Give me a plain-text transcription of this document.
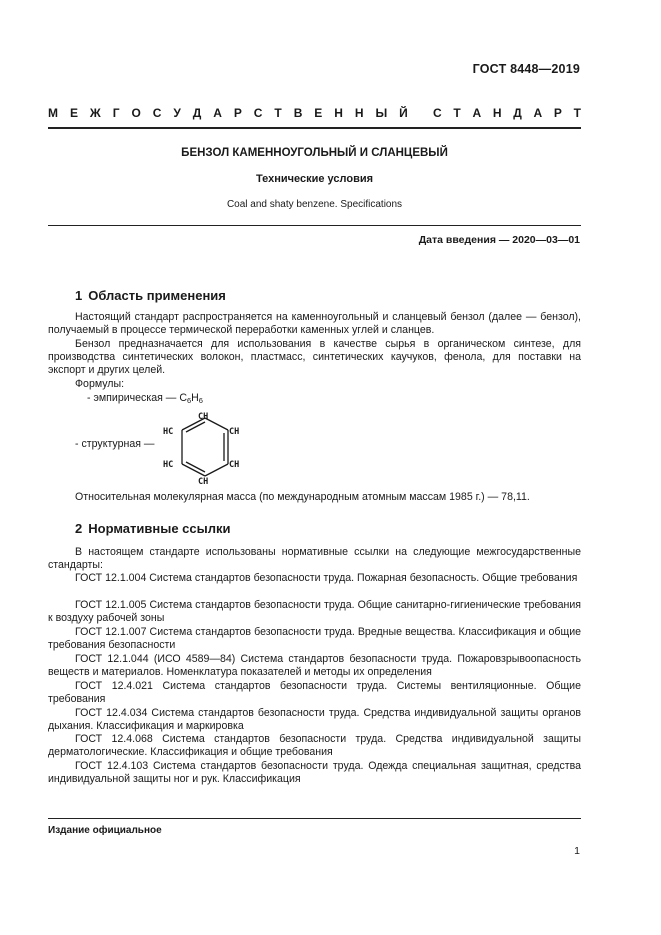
ГОСТ 8448—2019
М Е Ж Г О С У Д А Р С Т В Е Н Н Ы Й С Т А Н Д А Р Т
БЕНЗОЛ КАМЕННОУГОЛЬНЫЙ И СЛАНЦЕВЫЙ
Технические условия
Coal and shaty benzene. Specifications
Дата введения — 2020—03—01
1 Область применения
Настоящий стандарт распространяется на каменноугольный и сланцевый бензол (далее — бензол), получаемый в процессе термической переработки каменных углей и сланцев.
Бензол предназначается для использования в качестве сырья в органическом синтезе, для производства синтетических волокон, пластмасс, синтетических каучуков, фенола, для поставки на экспорт и других целей.
Формулы:
- эмпирическая — $C_6H_6$
- структурная —
CH
HC	CH
HC	CH
CH
Относительная молекулярная масса (по международным атомным массам 1985 г.) — 78,11.
2 Нормативные ссылки
В настоящем стандарте использованы нормативные ссылки на следующие межгосударственные стандарты:
ГОСТ 12.1.004 Система стандартов безопасности труда. Пожарная безопасность. Общие требования
ГОСТ 12.1.005 Система стандартов безопасности труда. Общие санитарно-гигиенические требования к воздуху рабочей зоны
ГОСТ 12.1.007 Система стандартов безопасности труда. Вредные вещества. Классификация и общие требования безопасности
ГОСТ 12.1.044 (ИСО 4589—84) Система стандартов безопасности труда. Пожаровзрывоопасность веществ и материалов. Номенклатура показателей и методы их определения
ГОСТ 12.4.021 Система стандартов безопасности труда. Системы вентиляционные. Общие требования
ГОСТ 12.4.034 Система стандартов безопасности труда. Средства индивидуальной защиты органов дыхания. Классификация и маркировка
ГОСТ 12.4.068 Система стандартов безопасности труда. Средства индивидуальной защиты дерматологические. Классификация и общие требования
ГОСТ 12.4.103 Система стандартов безопасности труда. Одежда специальная защитная, средства индивидуальной защиты ног и рук. Классификация
Издание официальное
1
